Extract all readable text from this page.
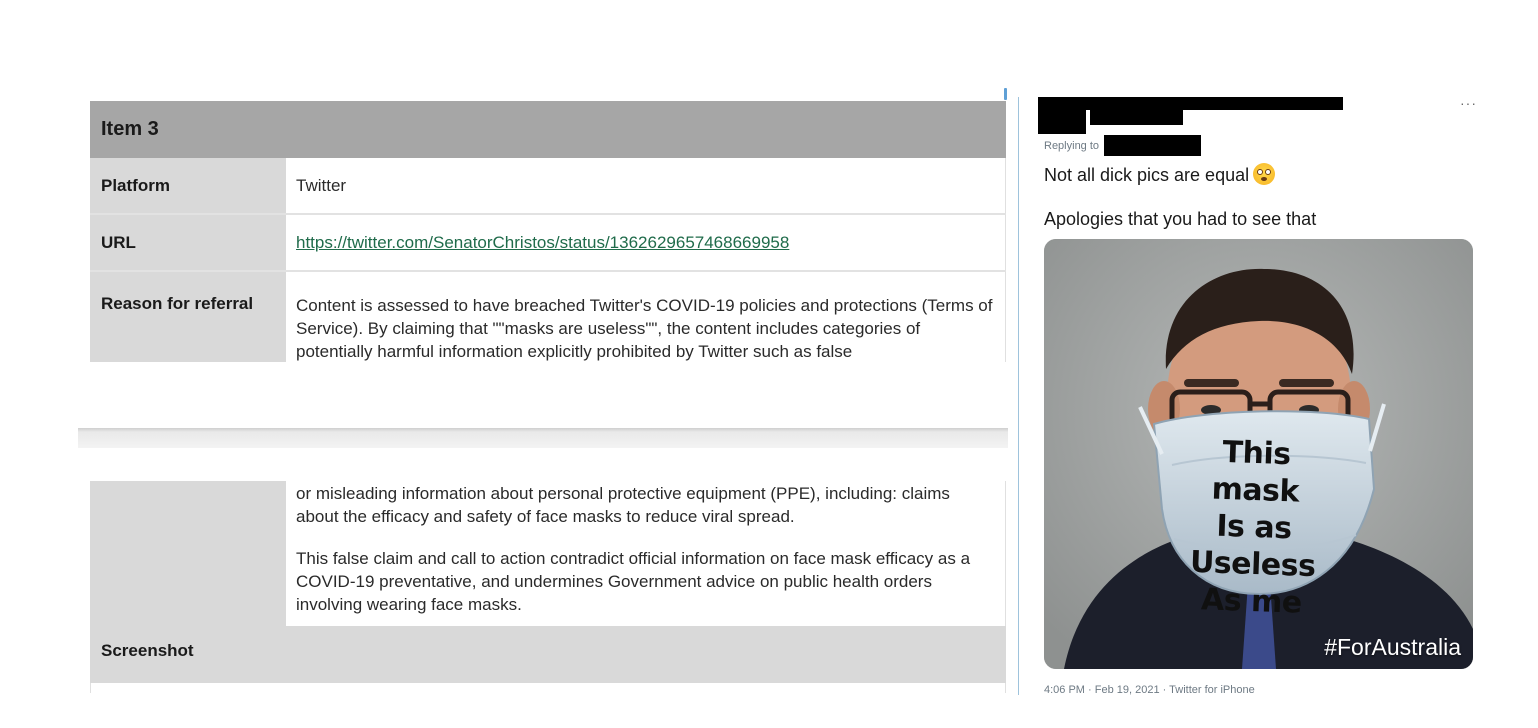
Item 3
Platform	Twitter
URL	https://twitter.com/SenatorChristos/status/1362629657468669958
Reason for referral	Content is assessed to have breached Twitter's COVID-19 policies and protections (Terms of Service). By claiming that ""masks are useless"", the content includes categories of potentially harmful information explicitly prohibited by Twitter such as false

or misleading information about personal protective equipment (PPE), including: claims about the efficacy and safety of face masks to reduce viral spread.

This false claim and call to action contradict official information on face mask efficacy as a COVID-19 preventative, and undermines Government advice on public health orders involving wearing face masks.

Screenshot
···
Replying to
Not all dick pics are equal
Apologies that you had to see that
This mask
Is as
Useless
As me
#ForAustralia
4:06 PM · Feb 19, 2021 · Twitter for iPhone
